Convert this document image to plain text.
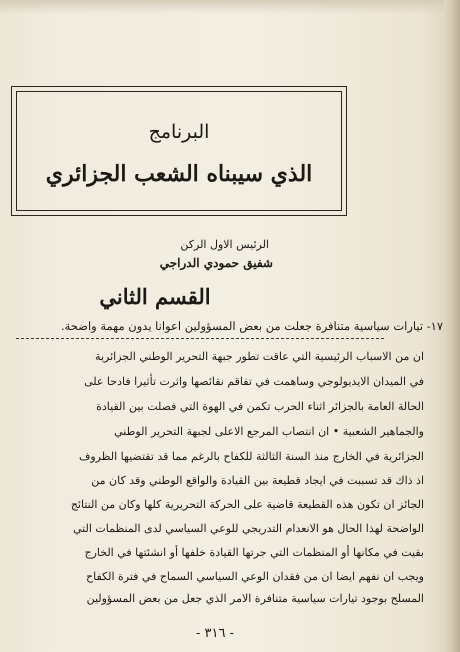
البرنامج
الذي سيبناه الشعب الجزائري
الرئيس الاول الركن
شفيق حمودي الدراجي
القسم الثاني
١٧- تيارات سياسية متنافرة جعلت من بعض المسؤولين اعوانا يدون مهمة واضحة.
ان من الاسباب الرئيسية التي عاقت تطور جبهة التحرير الوطني الجزائرية
في الميدان الايديولوجي وساهمت في تفاقم نقائصها واثرت تأثيرا فادحا على
الحالة العامة بالجزائر اثناء الحرب تكمن في الهوة التي فصلت بين القيادة
والجماهير الشعبية • ان انتصاب المرجع الاعلى لجبهة التحرير الوطني
الجزائرية في الخارج منذ السنة الثالثة للكفاح بالرغم مما قد تقتضيها الظروف
اذ ذاك قد تسببت في ايجاد قطيعة بين القيادة والواقع الوطني وقد كان من
الجائز ان تكون هذه القطيعة قاضية على الحركة التحريرية كلها وكان من النتائج
الواضحة لهذا الحال هو الانعدام التدريجي للوعي السياسي لدى المنظمات التي
بقيت في مكانها أو المنظمات التي جرتها القيادة خلفها أو انشئتها في الخارج
ويجب ان نفهم ايضا ان من فقدان الوعي السياسي السماح في فترة الكفاح
المسلح بوجود تيارات سياسية متنافرة الامر الذي جعل من بعض المسؤولين
- ٣١٦ -
